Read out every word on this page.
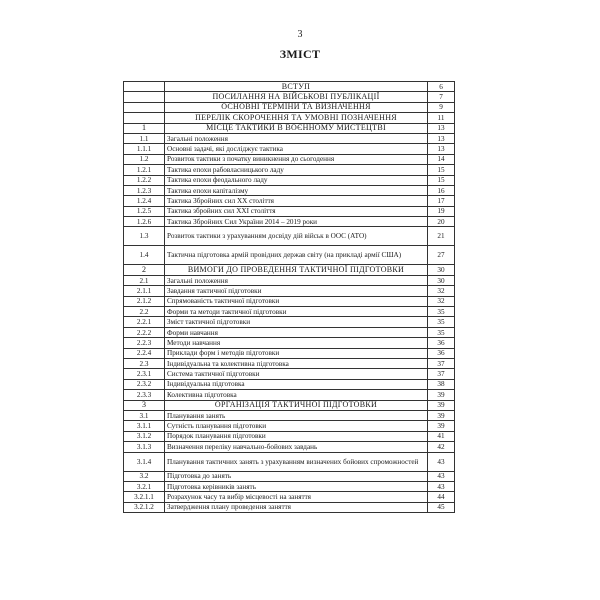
3
ЗМІСТ
	ВСТУП	6
	ПОСИЛАННЯ НА ВІЙСЬКОВІ ПУБЛІКАЦІЇ	7
	ОСНОВНІ ТЕРМІНИ ТА ВИЗНАЧЕННЯ	9
	ПЕРЕЛІК СКОРОЧЕННЯ ТА УМОВНІ ПОЗНАЧЕННЯ	11
1	МІСЦЕ ТАКТИКИ В ВОЄННОМУ МИСТЕЦТВІ	13
1.1	Загальні положення	13
1.1.1	Основні задачі, які досліджує тактика	13
1.2	Розвиток тактики з початку виникнення до сьогодення	14
1.2.1	Тактика епохи рабовласницького ладу	15
1.2.2	Тактика епохи феодального ладу	15
1.2.3	Тактика епохи капіталізму	16
1.2.4	Тактика Збройних сил XX століття	17
1.2.5	Тактика збройних сил XXI століття	19
1.2.6	Тактика Збройних Сил України 2014 – 2019 роки	20
1.3	Розвиток тактики з урахуванням досвіду дій військ в ООС (АТО)	21
1.4	Тактична підготовка армій провідних держав світу (на прикладі армії США)	27
2	ВИМОГИ ДО ПРОВЕДЕННЯ ТАКТИЧНОЇ ПІДГОТОВКИ	30
2.1	Загальні положення	30
2.1.1	Завдання тактичної підготовки	32
2.1.2	Спрямованість тактичної підготовки	32
2.2	Форми та методи тактичної підготовки	35
2.2.1	Зміст тактичної підготовки	35
2.2.2	Форми навчання	35
2.2.3	Методи навчання	36
2.2.4	Приклади форм і методів підготовки	36
2.3	Індивідуальна та колективна підготовка	37
2.3.1	Система тактичної підготовки	37
2.3.2	Індивідуальна підготовка	38
2.3.3	Колективна підготовка	39
3	ОРГАНІЗАЦІЯ ТАКТИЧНОЇ ПІДГОТОВКИ	39
3.1	Планування занять	39
3.1.1	Сутність планування підготовки	39
3.1.2	Порядок планування підготовки	41
3.1.3	Визначення переліку навчально-бойових завдань	42
3.1.4	Планування тактичних занять з урахуванням визначених бойових спроможностей	43
3.2	Підготовка до занять	43
3.2.1	Підготовка керівників занять	43
3.2.1.1	Розрахунок часу та вибір місцевості на заняття	44
3.2.1.2	Затвердження плану проведення заняття	45
